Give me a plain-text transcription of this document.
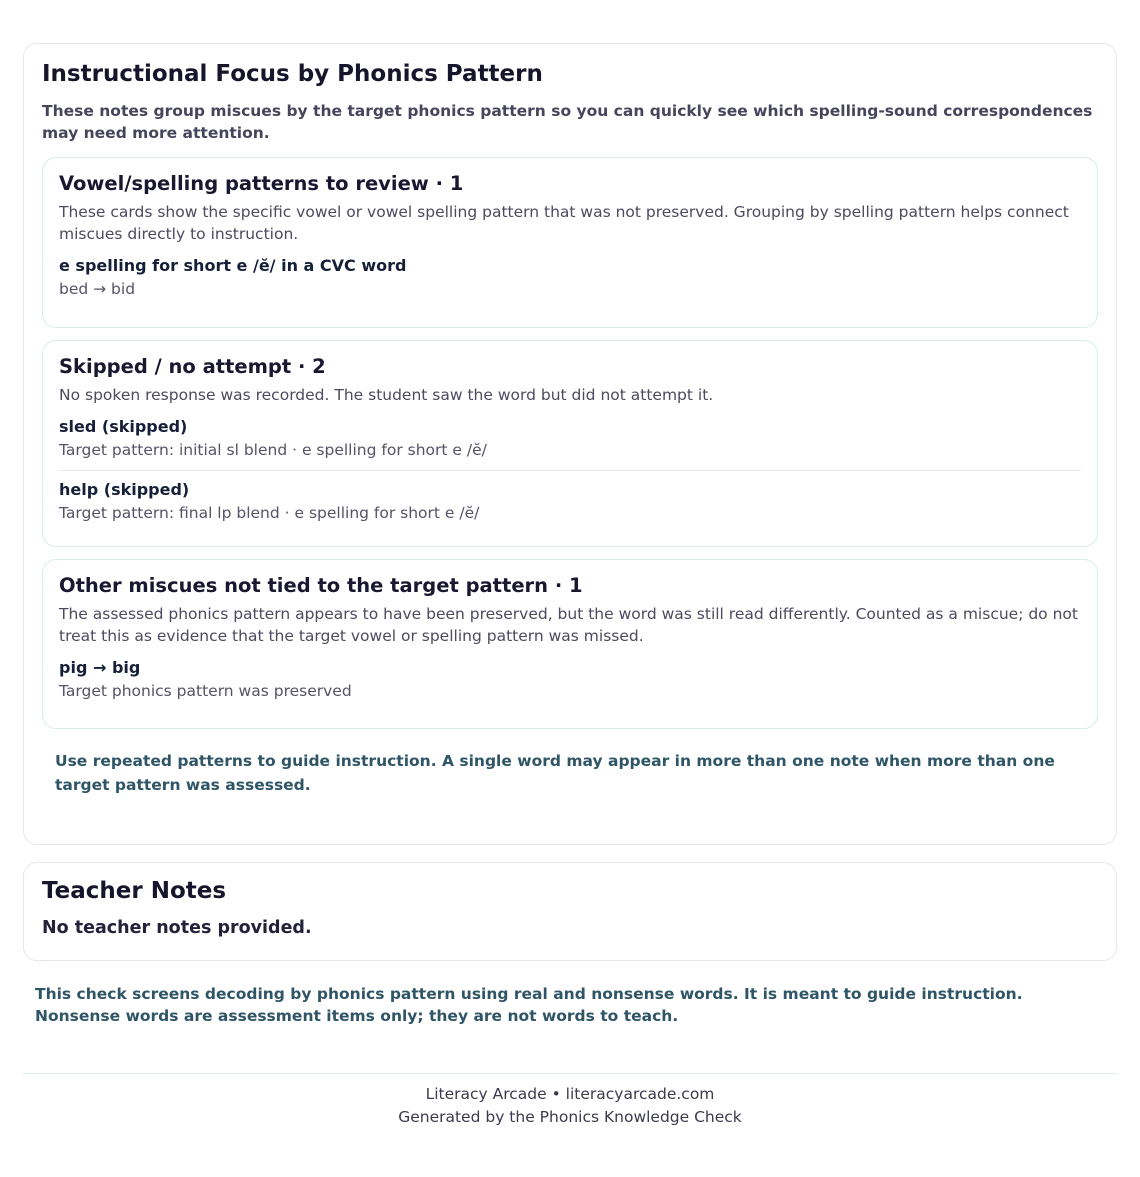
Instructional Focus by Phonics Pattern

These notes group miscues by the target phonics pattern so you can quickly see which spelling-sound correspondences may need more attention.

Vowel/spelling patterns to review · 1

These cards show the specific vowel or vowel spelling pattern that was not preserved. Grouping by spelling pattern helps connect miscues directly to instruction.

e spelling for short e /ĕ/ in a CVC word
bed → bid
Skipped / no attempt · 2

No spoken response was recorded. The student saw the word but did not attempt it.

sled (skipped)
Target pattern: initial sl blend · e spelling for short e /ĕ/
help (skipped)
Target pattern: final lp blend · e spelling for short e /ĕ/
Other miscues not tied to the target pattern · 1

The assessed phonics pattern appears to have been preserved, but the word was still read differently. Counted as a miscue; do not treat this as evidence that the target vowel or spelling pattern was missed.

pig → big
Target phonics pattern was preserved
Use repeated patterns to guide instruction. A single word may appear in more than one note when more than one target pattern was assessed.
Teacher Notes

No teacher notes provided.

This check screens decoding by phonics pattern using real and nonsense words. It is meant to guide instruction. Nonsense words are assessment items only; they are not words to teach.
Literacy Arcade • literacyarcade.com
Generated by the Phonics Knowledge Check
